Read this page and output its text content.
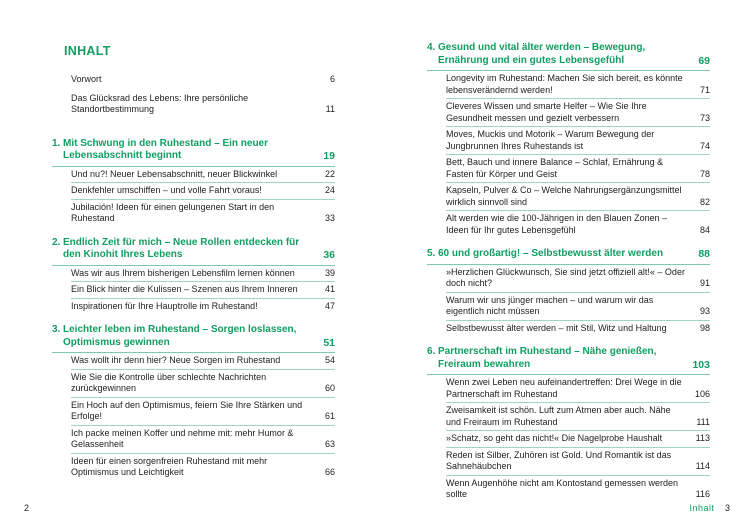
INHALT
Vorwort	6
Das Glücksrad des Lebens: Ihre persönliche Standortbestimmung	11
1. Mit Schwung in den Ruhestand – Ein neuer Lebensabschnitt beginnt	19
Und nu?! Neuer Lebensabschnitt, neuer Blickwinkel	22
Denkfehler umschiffen – und volle Fahrt voraus!	24
Jubilación! Ideen für einen gelungenen Start in den Ruhestand	33
2. Endlich Zeit für mich – Neue Rollen entdecken für den Kinohit Ihres Lebens	36
Was wir aus Ihrem bisherigen Lebensfilm lernen können	39
Ein Blick hinter die Kulissen – Szenen aus Ihrem Inneren	41
Inspirationen für Ihre Hauptrolle im Ruhestand!	47
3. Leichter leben im Ruhestand – Sorgen loslassen, Optimismus gewinnen	51
Was wollt ihr denn hier? Neue Sorgen im Ruhestand	54
Wie Sie die Kontrolle über schlechte Nachrichten zurückgewinnen	60
Ein Hoch auf den Optimismus, feiern Sie Ihre Stärken und Erfolge!	61
Ich packe meinen Koffer und nehme mit: mehr Humor & Gelassenheit	63
Ideen für einen sorgenfreien Ruhestand mit mehr Optimismus und Leichtigkeit	66
2
4. Gesund und vital älter werden – Bewegung, Ernährung und ein gutes Lebensgefühl	69
Longevity im Ruhestand: Machen Sie sich bereit, es könnte lebensverändernd werden!	71
Cleveres Wissen und smarte Helfer – Wie Sie Ihre Gesundheit messen und gezielt verbessern	73
Moves, Muckis und Motorik – Warum Bewegung der Jungbrunnen Ihres Ruhestands ist	74
Bett, Bauch und innere Balance – Schlaf, Ernährung & Fasten für Körper und Geist	78
Kapseln, Pulver & Co – Welche Nahrungsergänzungsmittel wirklich sinnvoll sind	82
Alt werden wie die 100-Jährigen in den Blauen Zonen – Ideen für Ihr gutes Lebensgefühl	84
5. 60 und großartig! – Selbstbewusst älter werden	88
»Herzlichen Glückwunsch, Sie sind jetzt offiziell alt!« – Oder doch nicht?	91
Warum wir uns jünger machen – und warum wir das eigentlich nicht müssen	93
Selbstbewusst älter werden – mit Stil, Witz und Haltung	98
6. Partnerschaft im Ruhestand – Nähe genießen, Freiraum bewahren	103
Wenn zwei Leben neu aufeinandertreffen: Drei Wege in die Partnerschaft im Ruhestand	106
Zweisamkeit ist schön. Luft zum Atmen aber auch. Nähe und Freiraum im Ruhestand	111
»Schatz, so geht das nicht!« Die Nagelprobe Haushalt	113
Reden ist Silber, Zuhören ist Gold. Und Romantik ist das Sahnehäubchen	114
Wenn Augenhöhe nicht am Kontostand gemessen werden sollte	116
Inhalt 3
